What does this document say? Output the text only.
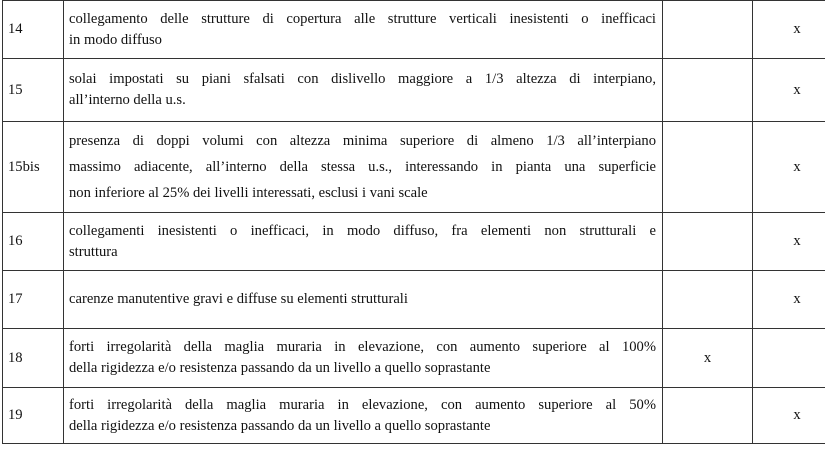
14	collegamento delle strutture di copertura alle strutture verticali inesistenti o inefficaci
in modo diffuso		x
15	solai impostati su piani sfalsati con dislivello maggiore a 1/3 altezza di interpiano,
all’interno della u.s.		x
15bis	presenza di doppi volumi con altezza minima superiore di almeno 1/3 all’interpiano
massimo adiacente, all’interno della stessa u.s., interessando in pianta una superficie
non inferiore al 25% dei livelli interessati, esclusi i vani scale		x
16	collegamenti inesistenti o inefficaci, in modo diffuso, fra elementi non strutturali e
struttura		x
17	carenze manutentive gravi e diffuse su elementi strutturali		x
18	forti irregolarità della maglia muraria in elevazione, con aumento superiore al 100%
della rigidezza e/o resistenza passando da un livello a quello soprastante	x	
19	forti irregolarità della maglia muraria in elevazione, con aumento superiore al 50%
della rigidezza e/o resistenza passando da un livello a quello soprastante		x
